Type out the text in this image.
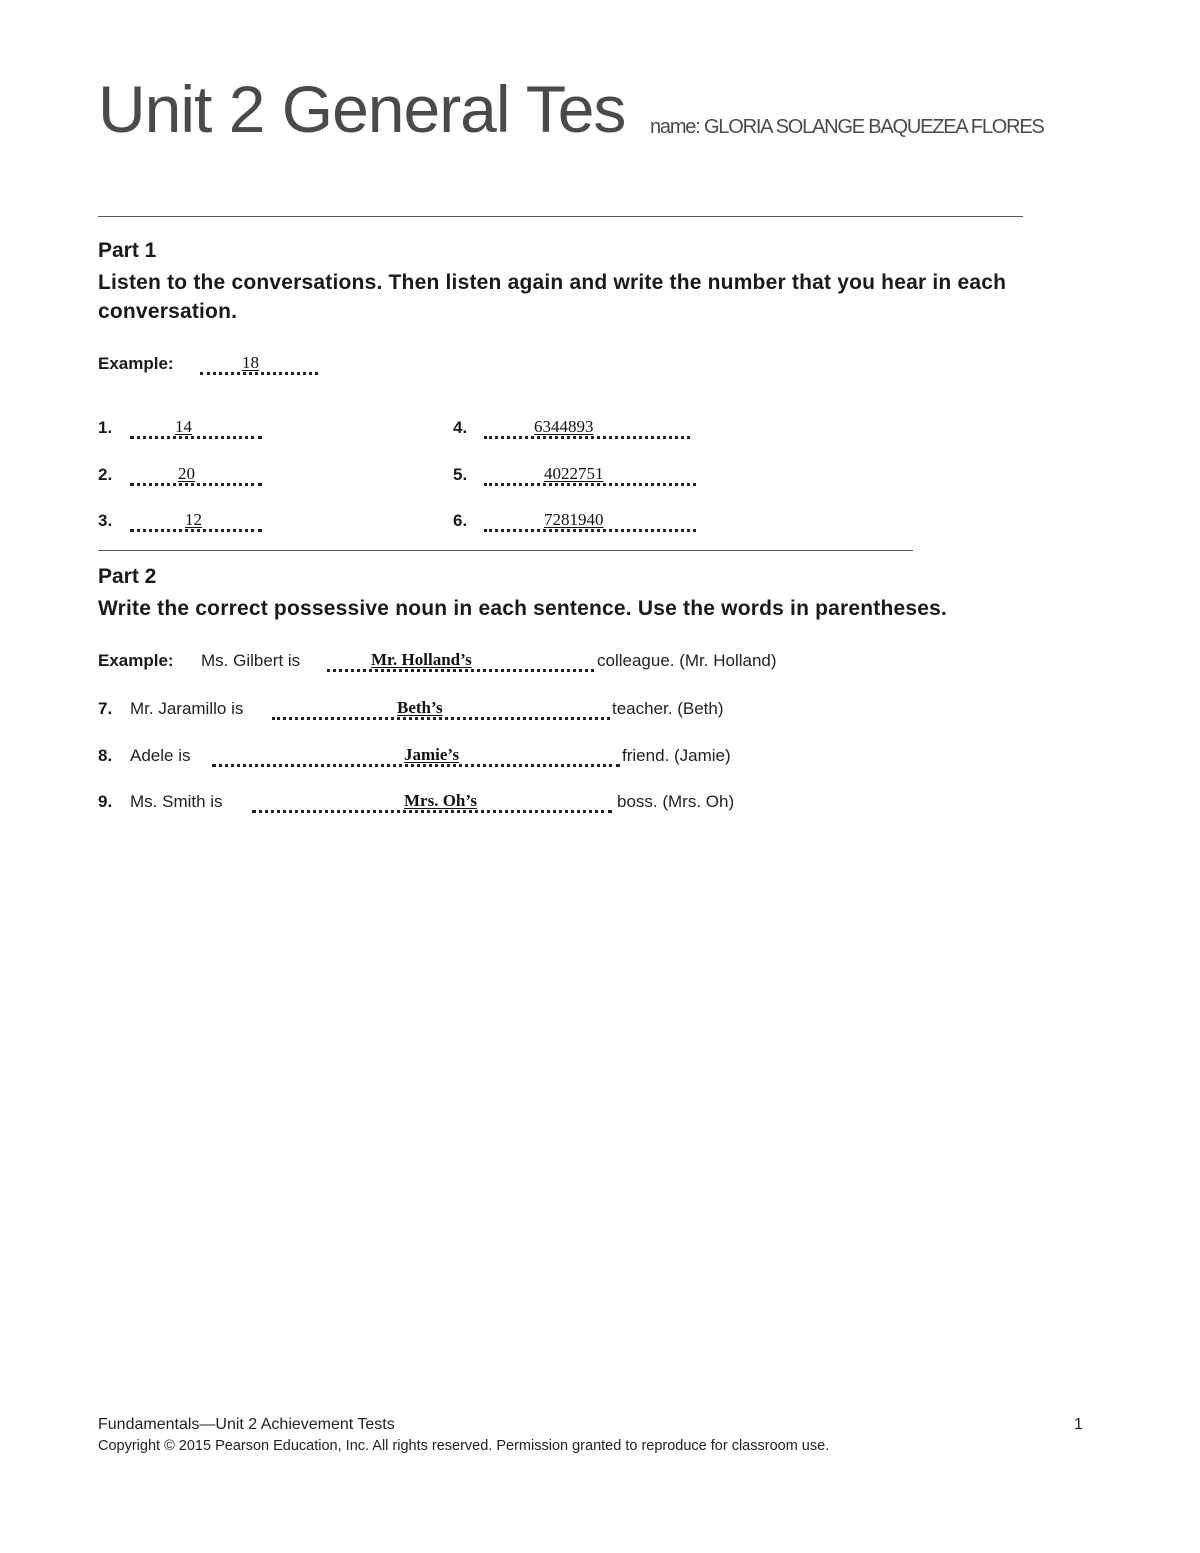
Unit 2 General Tes name: GLORIA SOLANGE BAQUEZEA FLORES
Part 1
Listen to the conversations. Then listen again and write the number that you hear in each conversation.
Example:	18
1.	14
2.	20
3.	12
4.	6344893
5.	4022751
6.	7281940
Part 2
Write the correct possessive noun in each sentence. Use the words in parentheses.
Example: Ms. Gilbert is	Mr. Holland’s	colleague. (Mr. Holland)
7. Mr. Jaramillo is	Beth’s	teacher. (Beth)
8. Adele is	Jamie’s	friend. (Jamie)
9. Ms. Smith is	Mrs. Oh’s	boss. (Mrs. Oh)
Fundamentals—Unit 2 Achievement Tests	1
Copyright © 2015 Pearson Education, Inc. All rights reserved. Permission granted to reproduce for classroom use.
